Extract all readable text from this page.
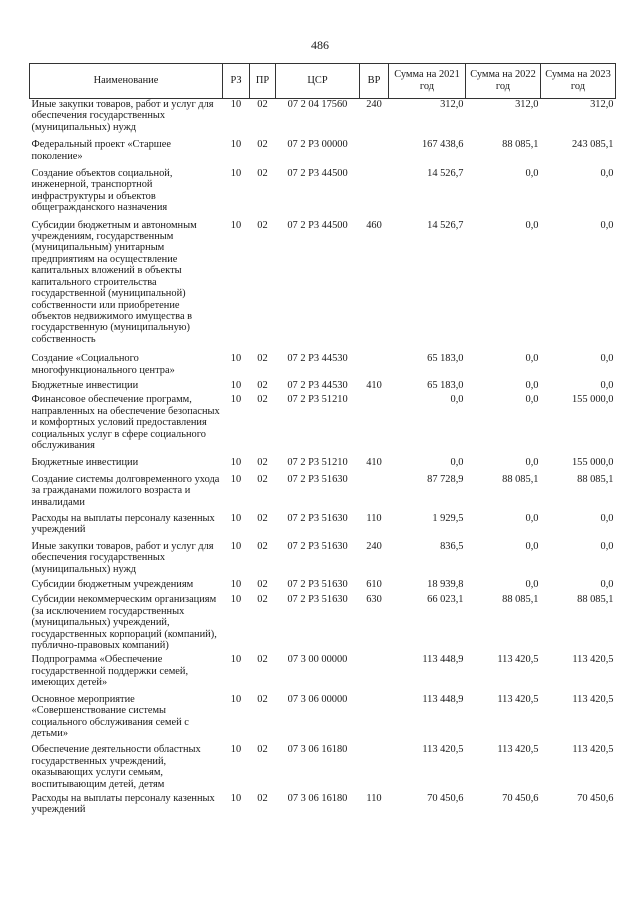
486
Наименование	РЗ	ПР	ЦСР	ВР	Сумма на 2021 год	Сумма на 2022 год	Сумма на 2023 год
Иные закупки товаров, работ и услуг для обеспечения государственных (муниципальных) нужд	10	02	07 2 04 17560	240	312,0	312,0	312,0
Федеральный проект «Старшее поколение»	10	02	07 2 P3 00000		167 438,6	88 085,1	243 085,1
Создание объектов социальной, инженерной, транспортной инфраструктуры и объектов общегражданского назначения	10	02	07 2 P3 44500		14 526,7	0,0	0,0
Субсидии бюджетным и автономным учреждениям, государственным (муниципальным) унитарным предприятиям на осуществление капитальных вложений в объекты капитального строительства государственной (муниципальной) собственности или приобретение объектов недвижимого имущества в государственную (муниципальную) собственность	10	02	07 2 P3 44500	460	14 526,7	0,0	0,0
Создание «Социального многофункционального центра»	10	02	07 2 P3 44530		65 183,0	0,0	0,0
Бюджетные инвестиции	10	02	07 2 P3 44530	410	65 183,0	0,0	0,0
Финансовое обеспечение программ, направленных на обеспечение безопасных и комфортных условий предоставления социальных услуг в сфере социального обслуживания	10	02	07 2 P3 51210		0,0	0,0	155 000,0
Бюджетные инвестиции	10	02	07 2 P3 51210	410	0,0	0,0	155 000,0
Создание системы долговременного ухода за гражданами пожилого возраста и инвалидами	10	02	07 2 P3 51630		87 728,9	88 085,1	88 085,1
Расходы на выплаты персоналу казенных учреждений	10	02	07 2 P3 51630	110	1 929,5	0,0	0,0
Иные закупки товаров, работ и услуг для обеспечения государственных (муниципальных) нужд	10	02	07 2 P3 51630	240	836,5	0,0	0,0
Субсидии бюджетным учреждениям	10	02	07 2 P3 51630	610	18 939,8	0,0	0,0
Субсидии некоммерческим организациям (за исключением государственных (муниципальных) учреждений, государственных корпораций (компаний), публично-правовых компаний)	10	02	07 2 P3 51630	630	66 023,1	88 085,1	88 085,1
Подпрограмма «Обеспечение государственной поддержки семей, имеющих детей»	10	02	07 3 00 00000		113 448,9	113 420,5	113 420,5
Основное мероприятие «Совершенствование системы социального обслуживания семей с детьми»	10	02	07 3 06 00000		113 448,9	113 420,5	113 420,5
Обеспечение деятельности областных государственных учреждений, оказывающих услуги семьям, воспитывающим детей, детям	10	02	07 3 06 16180		113 420,5	113 420,5	113 420,5
Расходы на выплаты персоналу казенных учреждений	10	02	07 3 06 16180	110	70 450,6	70 450,6	70 450,6
